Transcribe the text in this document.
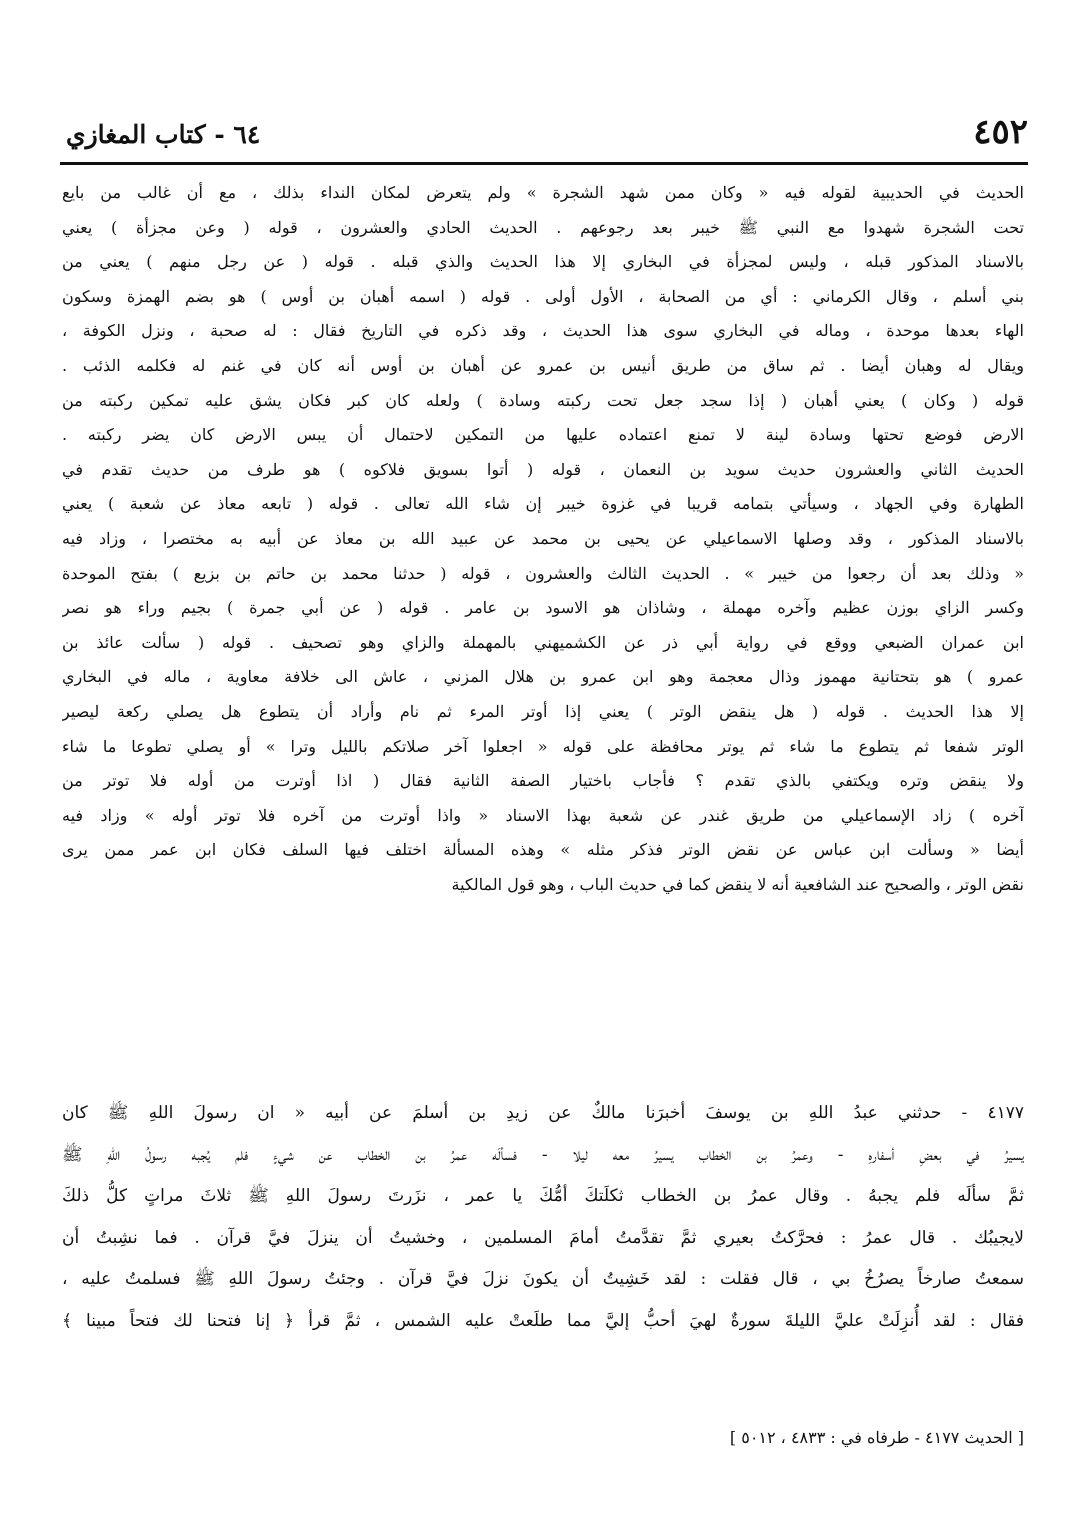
٤٥٢
٦٤ - كتاب المغازي
الحديث في الحديبية لقوله فيه « وكان ممن شهد الشجرة » ولم يتعرض لمكان النداء بذلك ، مع أن غالب من بايع
تحت الشجرة شهدوا مع النبي ﷺ خيبر بعد رجوعهم . الحديث الحادي والعشرون ، قوله ( وعن مجزأة ) يعني
بالاسناد المذكور قبله ، وليس لمجزأة في البخاري إلا هذا الحديث والذي قبله . قوله ( عن رجل منهم ) يعني من
بني أسلم ، وقال الكرماني : أي من الصحابة ، الأول أولى . قوله ( اسمه أهبان بن أوس ) هو بضم الهمزة وسكون
الهاء بعدها موحدة ، وماله في البخاري سوى هذا الحديث ، وقد ذكره في التاريخ فقال : له صحبة ، ونزل الكوفة ،
ويقال له وهبان أيضا . ثم ساق من طريق أنيس بن عمرو عن أهبان بن أوس أنه كان في غنم له فكلمه الذئب .
قوله ( وكان ) يعني أهبان ( إذا سجد جعل تحت ركبته وسادة ) ولعله كان كبر فكان يشق عليه تمكين ركبته من
الارض فوضع تحتها وسادة لينة لا تمنع اعتماده عليها من التمكين لاحتمال أن يبس الارض كان يضر ركبته .
الحديث الثاني والعشرون حديث سويد بن النعمان ، قوله ( أتوا بسويق فلاكوه ) هو طرف من حديث تقدم في
الطهارة وفي الجهاد ، وسيأتي بتمامه قريبا في غزوة خيبر إن شاء الله تعالى . قوله ( تابعه معاذ عن شعبة ) يعني
بالاسناد المذكور ، وقد وصلها الاسماعيلي عن يحيى بن محمد عن عبيد الله بن معاذ عن أبيه به مختصرا ، وزاد فيه
« وذلك بعد أن رجعوا من خيبر » . الحديث الثالث والعشرون ، قوله ( حدثنا محمد بن حاتم بن بزيع ) بفتح الموحدة
وكسر الزاي بوزن عظيم وآخره مهملة ، وشاذان هو الاسود بن عامر . قوله ( عن أبي جمرة ) بجيم وراء هو نصر
ابن عمران الضبعي ووقع في رواية أبي ذر عن الكشميهني بالمهملة والزاي وهو تصحيف . قوله ( سألت عائذ بن
عمرو ) هو بتحتانية مهموز وذال معجمة وهو ابن عمرو بن هلال المزني ، عاش الى خلافة معاوية ، ماله في البخاري
إلا هذا الحديث . قوله ( هل ينقض الوتر ) يعني إذا أوتر المرء ثم نام وأراد أن يتطوع هل يصلي ركعة ليصير
الوتر شفعا ثم يتطوع ما شاء ثم يوتر محافظة على قوله « اجعلوا آخر صلاتكم بالليل وترا » أو يصلي تطوعا ما شاء
ولا ينقض وتره ويكتفي بالذي تقدم ؟ فأجاب باختيار الصفة الثانية فقال ( اذا أوترت من أوله فلا توتر من
آخره ) زاد الإسماعيلي من طريق غندر عن شعبة بهذا الاسناد « واذا أوترت من آخره فلا توتر أوله » وزاد فيه
أيضا « وسألت ابن عباس عن نقض الوتر فذكر مثله » وهذه المسألة اختلف فيها السلف فكان ابن عمر ممن يرى
نقض الوتر ، والصحيح عند الشافعية أنه لا ينقض كما في حديث الباب ، وهو قول المالكية
٤١٧٧ - حدثني عبدُ اللهِ بن يوسفَ أخبرَنا مالكٌ عن زيدِ بن أسلمَ عن أبيه « ان رسولَ اللهِ ﷺ كان
يسيرُ في بعضِ أسفارهِ - وعمرُ بن الخطاب يسيرُ معه ليلا - فسألَه عمرُ بن الخطاب عن شيءٍ فلم يُجبه رسولُ اللهِ ﷺ
ثمَّ سألَه فلم يجبهُ . وقال عمرُ بن الخطاب ثكلَتكَ أمُّكَ يا عمر ، نزَرتَ رسولَ اللهِ ﷺ ثلاثَ مراتٍ كلُّ ذلكَ
لايجيبُك . قال عمرُ : فحرَّكتُ بعيري ثمَّ تقدَّمتُ أمامَ المسلمين ، وخشيتُ أن ينزلَ فيَّ قرآن . فما نشِبتُ أن
سمعتُ صارخاً يصرُخُ بي ، قال فقلت : لقد خَشِيتُ أن يكونَ نزلَ فيَّ قرآن . وجئتُ رسولَ اللهِ ﷺ فسلمتُ عليه ،
فقال : لقد أُنزِلَتْ عليَّ الليلةَ سورةٌ لهيَ أحبُّ إليَّ مما طلَعتْ عليه الشمس ، ثمَّ قرأ ﴿ إنا فتحنا لك فتحاً مبينا ﴾
[ الحديث ٤١٧٧ - طرفاه في : ٤٨٣٣ ، ٥٠١٢ ]
